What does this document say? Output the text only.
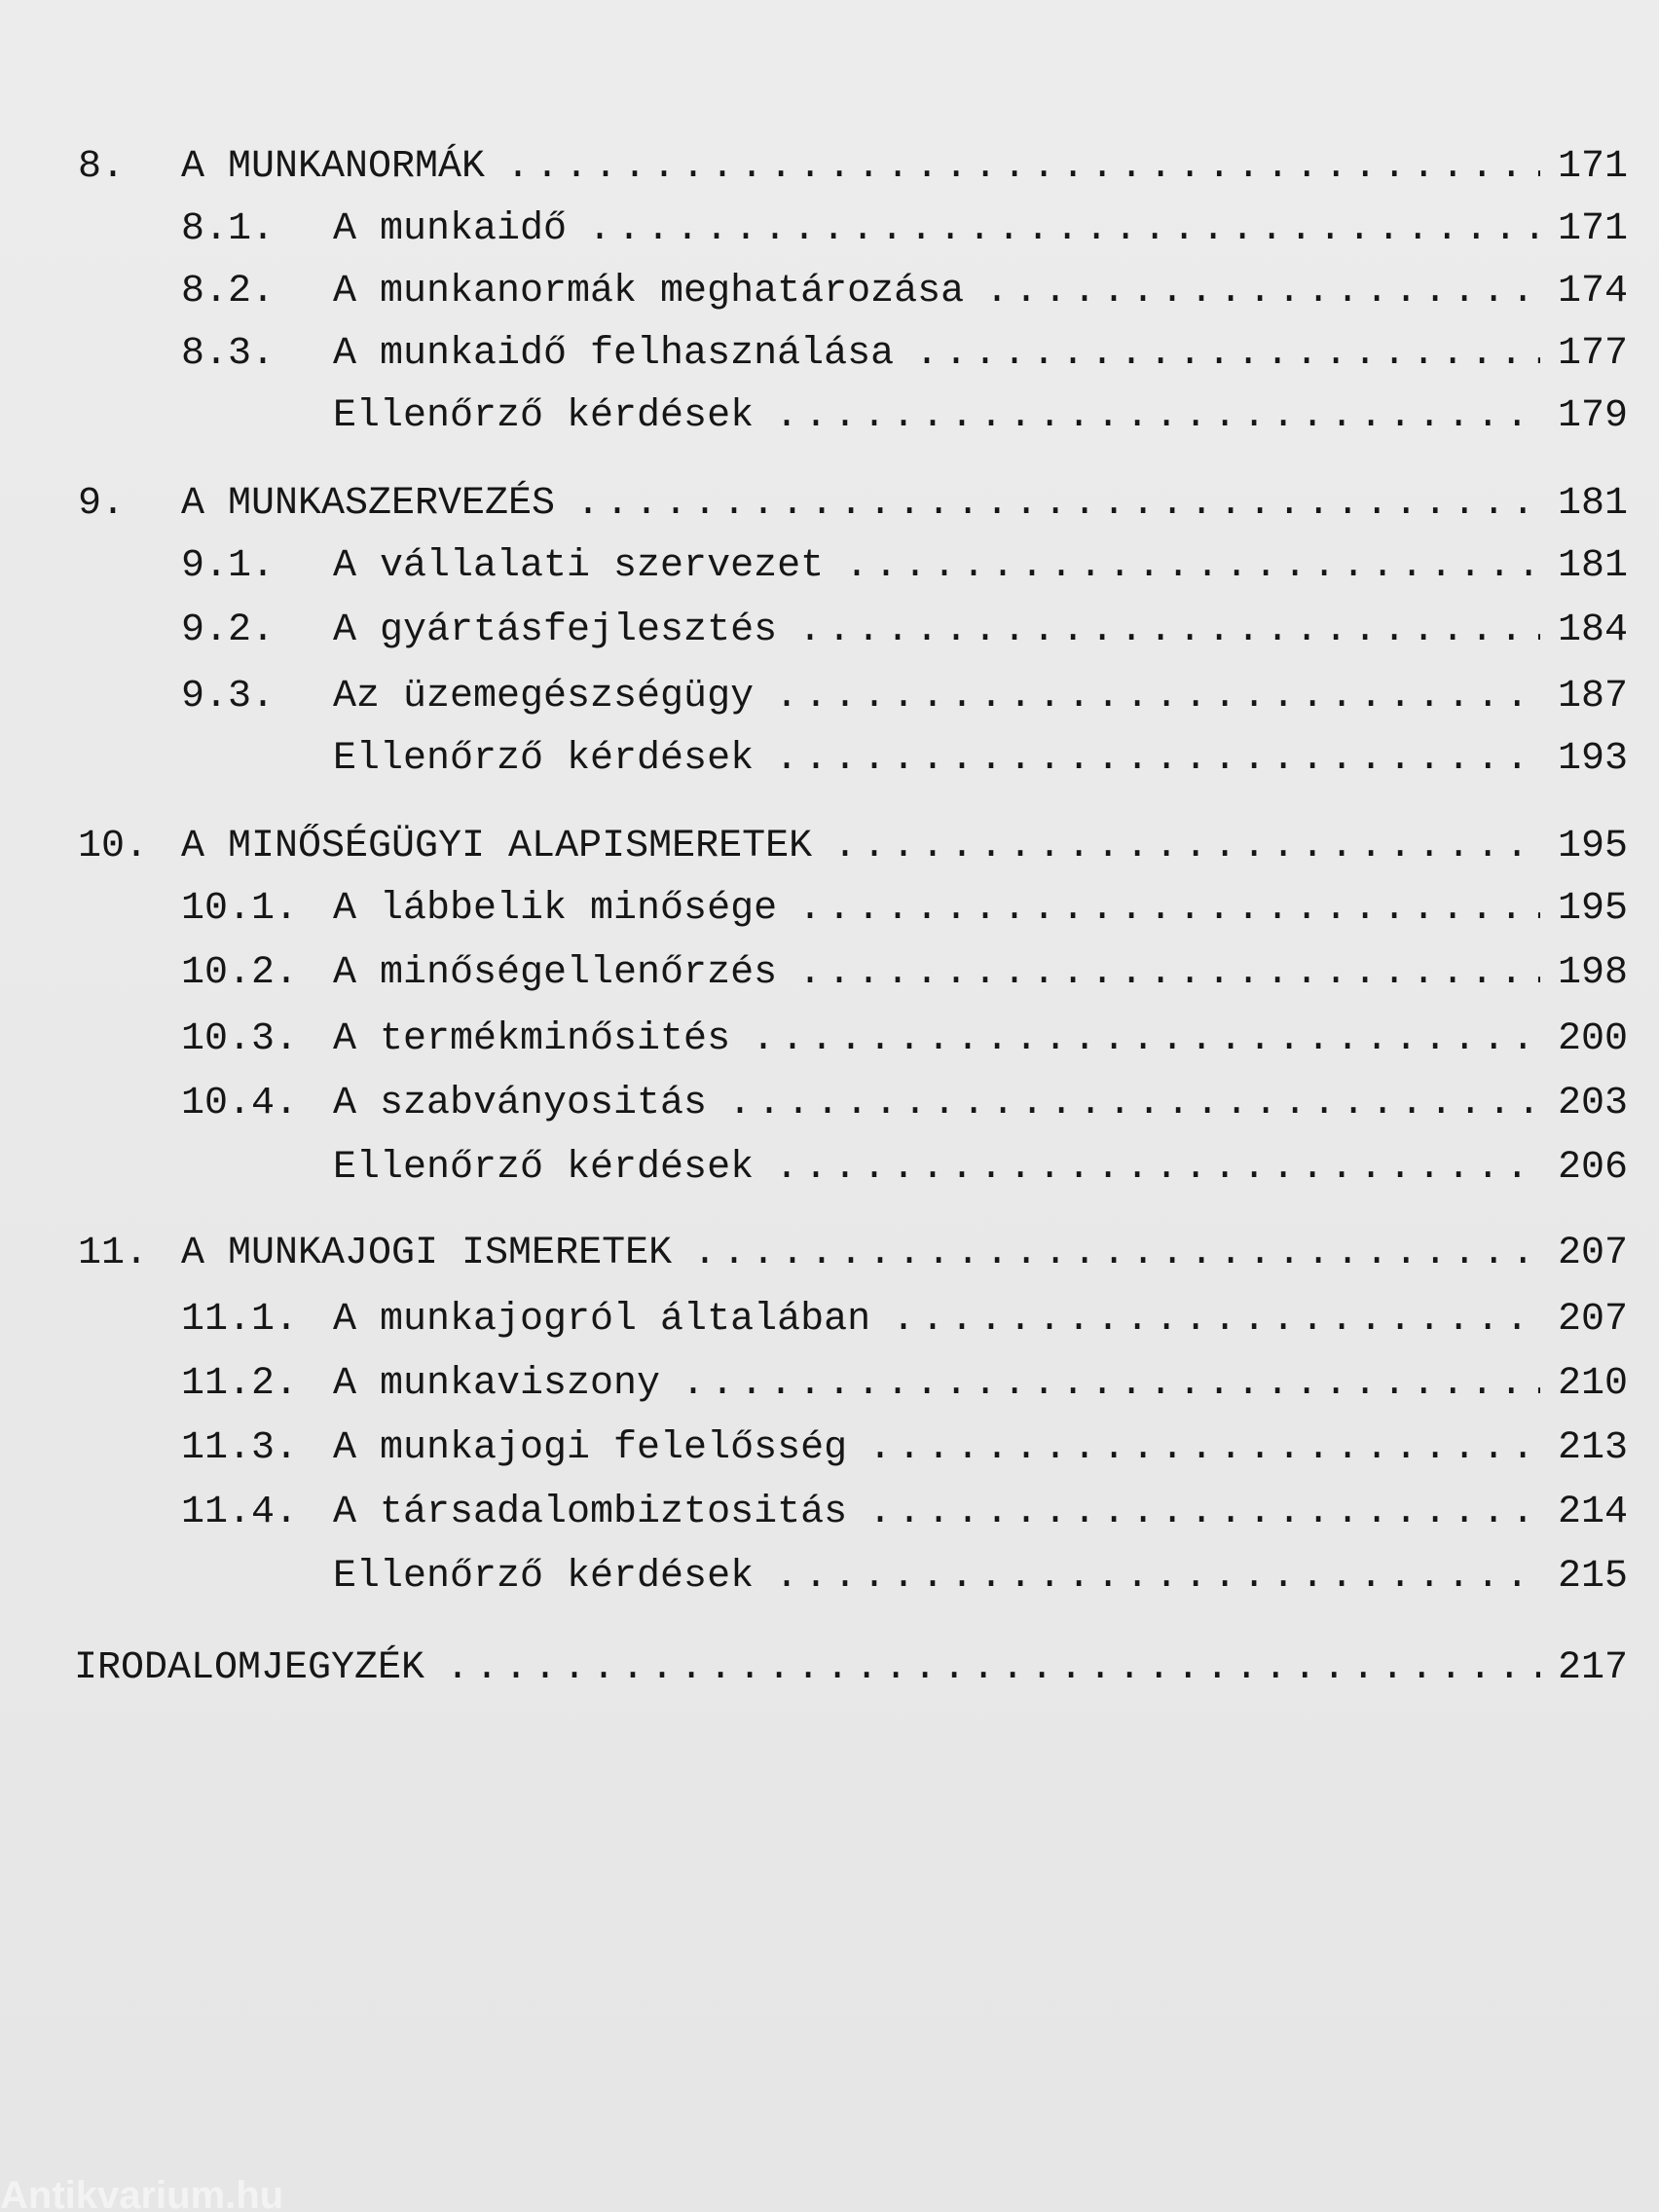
8. A MUNKANORMÁK . . .	171
8.1. A munkaidő . . .	171
8.2. A munkanormák meghatározása . . .	174
8.3. A munkaidő felhasználása . . .	177
Ellenőrző kérdések . . .	179
9. A MUNKASZERVEZÉS . . .	181
9.1. A vállalati szervezet . . .	181
9.2. A gyártásfejlesztés . . .	184
9.3. Az üzemegészségügy . . .	187
Ellenőrző kérdések . . .	193
10. A MINŐSÉGÜGYI ALAPISMERETEK . . .	195
10.1. A lábbelik minősége . . .	195
10.2. A minőségellenőrzés . . .	198
10.3. A termékminősités . . .	200
10.4. A szabványositás . . .	203
Ellenőrző kérdések . . .	206
11. A MUNKAJOGI ISMERETEK . . .	207
11.1. A munkajogról általában . . .	207
11.2. A munkaviszony . . .	210
11.3. A munkajogi felelősség . . .	213
11.4. A társadalombiztositás . . .	214
Ellenőrző kérdések . . .	215
IRODALOMJEGYZÉK . . .	217
Antikvarium.hu
